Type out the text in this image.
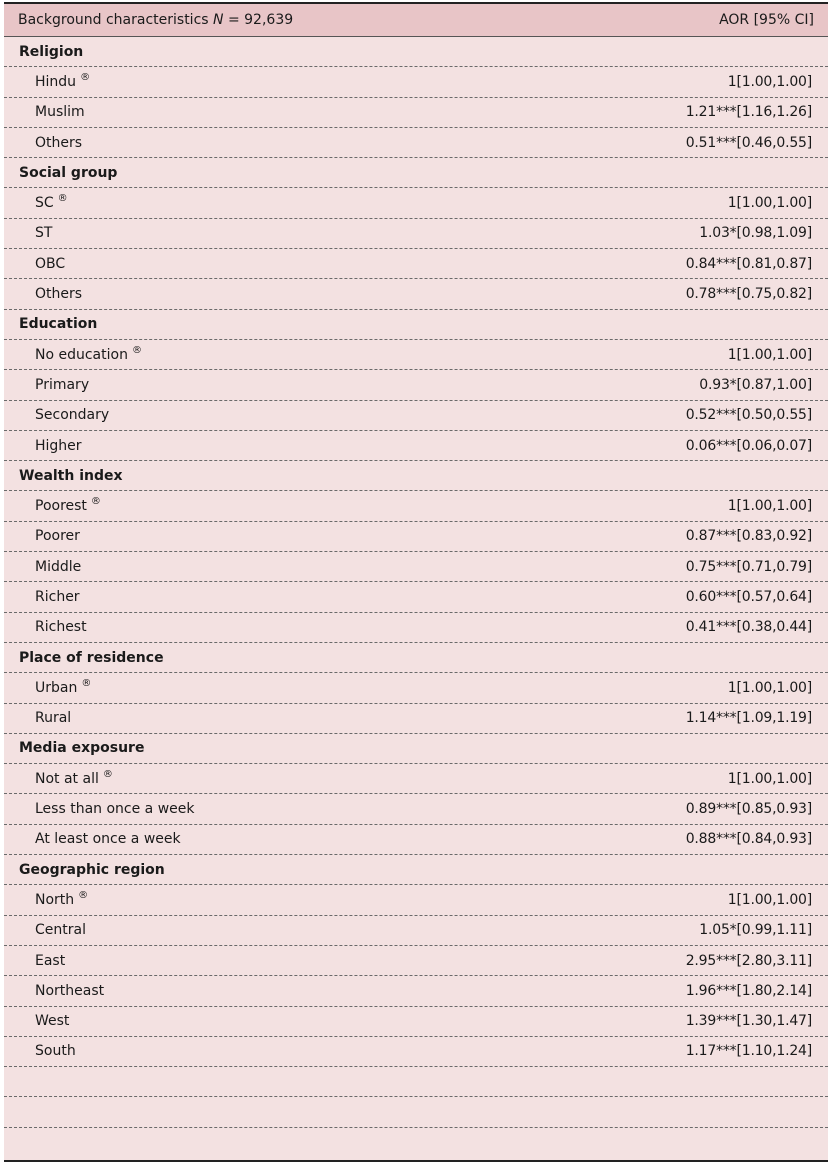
Background characteristics N = 92,639	AOR [95% CI]
Religion
Hindu ®	1[1.00,1.00]
Muslim	1.21***[1.16,1.26]
Others	0.51***[0.46,0.55]
Social group
SC ®	1[1.00,1.00]
ST	1.03*[0.98,1.09]
OBC	0.84***[0.81,0.87]
Others	0.78***[0.75,0.82]
Education
No education ®	1[1.00,1.00]
Primary	0.93*[0.87,1.00]
Secondary	0.52***[0.50,0.55]
Higher	0.06***[0.06,0.07]
Wealth index
Poorest ®	1[1.00,1.00]
Poorer	0.87***[0.83,0.92]
Middle	0.75***[0.71,0.79]
Richer	0.60***[0.57,0.64]
Richest	0.41***[0.38,0.44]
Place of residence
Urban ®	1[1.00,1.00]
Rural	1.14***[1.09,1.19]
Media exposure
Not at all ®	1[1.00,1.00]
Less than once a week	0.89***[0.85,0.93]
At least once a week	0.88***[0.84,0.93]
Geographic region
North ®	1[1.00,1.00]
Central	1.05*[0.99,1.11]
East	2.95***[2.80,3.11]
Northeast	1.96***[1.80,2.14]
West	1.39***[1.30,1.47]
South	1.17***[1.10,1.24]
